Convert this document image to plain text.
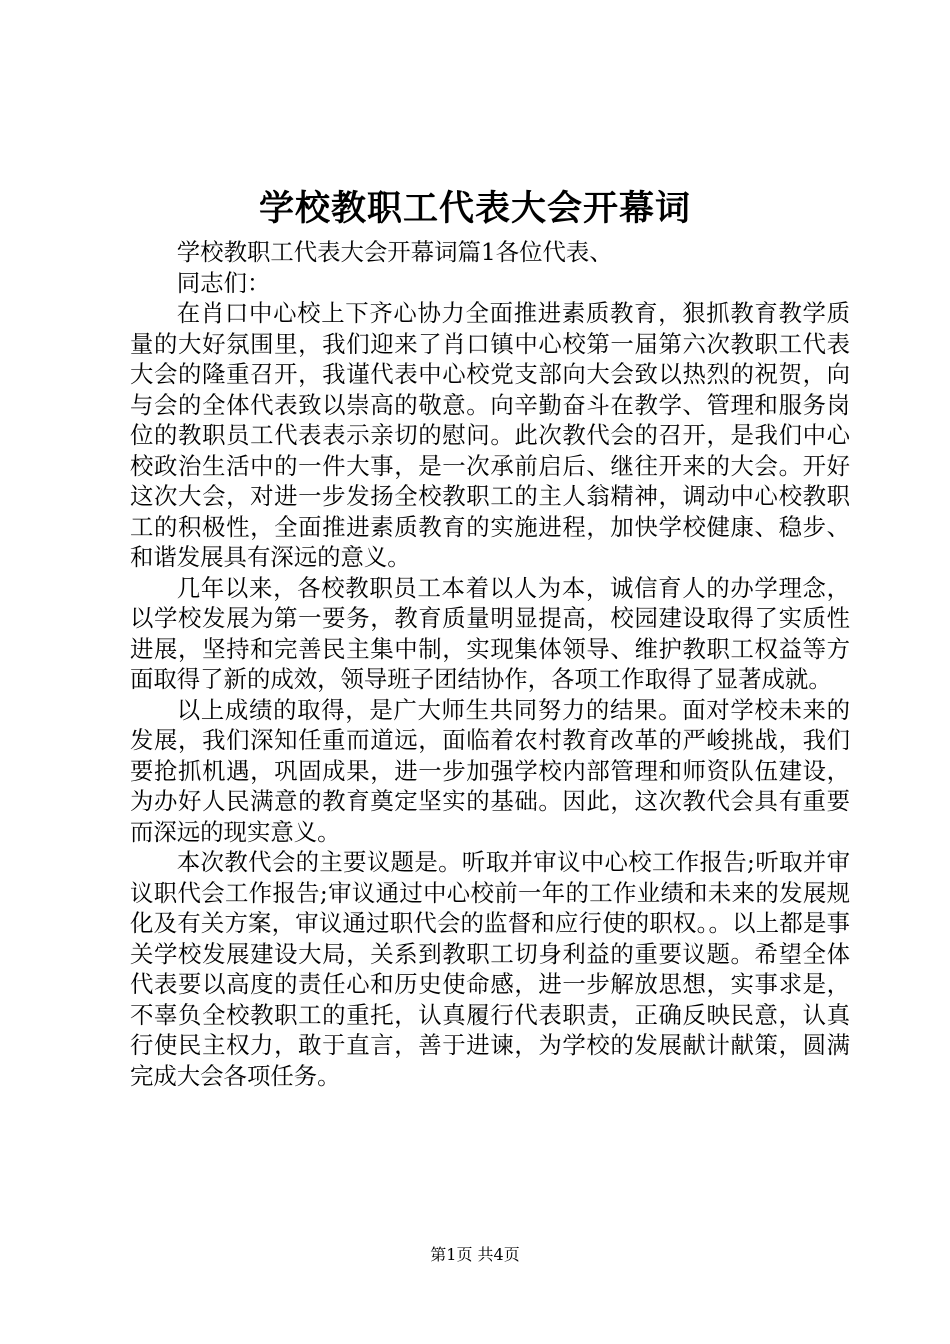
学校教职工代表大会开幕词

学校教职工代表大会开幕词篇1各位代表、

同志们：

在肖口中心校上下齐心协力全面推进素质教育，狠抓教育教学质量的大好氛围里，我们迎来了肖口镇中心校第一届第六次教职工代表大会的隆重召开，我谨代表中心校党支部向大会致以热烈的祝贺，向与会的全体代表致以崇高的敬意。向辛勤奋斗在教学、管理和服务岗位的教职员工代表表示亲切的慰问。此次教代会的召开，是我们中心校政治生活中的一件大事，是一次承前启后、继往开来的大会。开好这次大会，对进一步发扬全校教职工的主人翁精神，调动中心校教职工的积极性，全面推进素质教育的实施进程，加快学校健康、稳步、和谐发展具有深远的意义。

几年以来，各校教职员工本着以人为本，诚信育人的办学理念，以学校发展为第一要务，教育质量明显提高，校园建设取得了实质性进展，坚持和完善民主集中制，实现集体领导、维护教职工权益等方面取得了新的成效，领导班子团结协作，各项工作取得了显著成就。

以上成绩的取得，是广大师生共同努力的结果。面对学校未来的发展，我们深知任重而道远，面临着农村教育改革的严峻挑战，我们要抢抓机遇，巩固成果，进一步加强学校内部管理和师资队伍建设，为办好人民满意的教育奠定坚实的基础。因此，这次教代会具有重要而深远的现实意义。

本次教代会的主要议题是。听取并审议中心校工作报告;听取并审议职代会工作报告;审议通过中心校前一年的工作业绩和未来的发展规化及有关方案，审议通过职代会的监督和应行使的职权。。以上都是事关学校发展建设大局，关系到教职工切身利益的重要议题。希望全体代表要以高度的责任心和历史使命感，进一步解放思想，实事求是，不辜负全校教职工的重托，认真履行代表职责，正确反映民意，认真行使民主权力，敢于直言，善于进谏，为学校的发展献计献策，圆满完成大会各项任务。

第1页 共4页
